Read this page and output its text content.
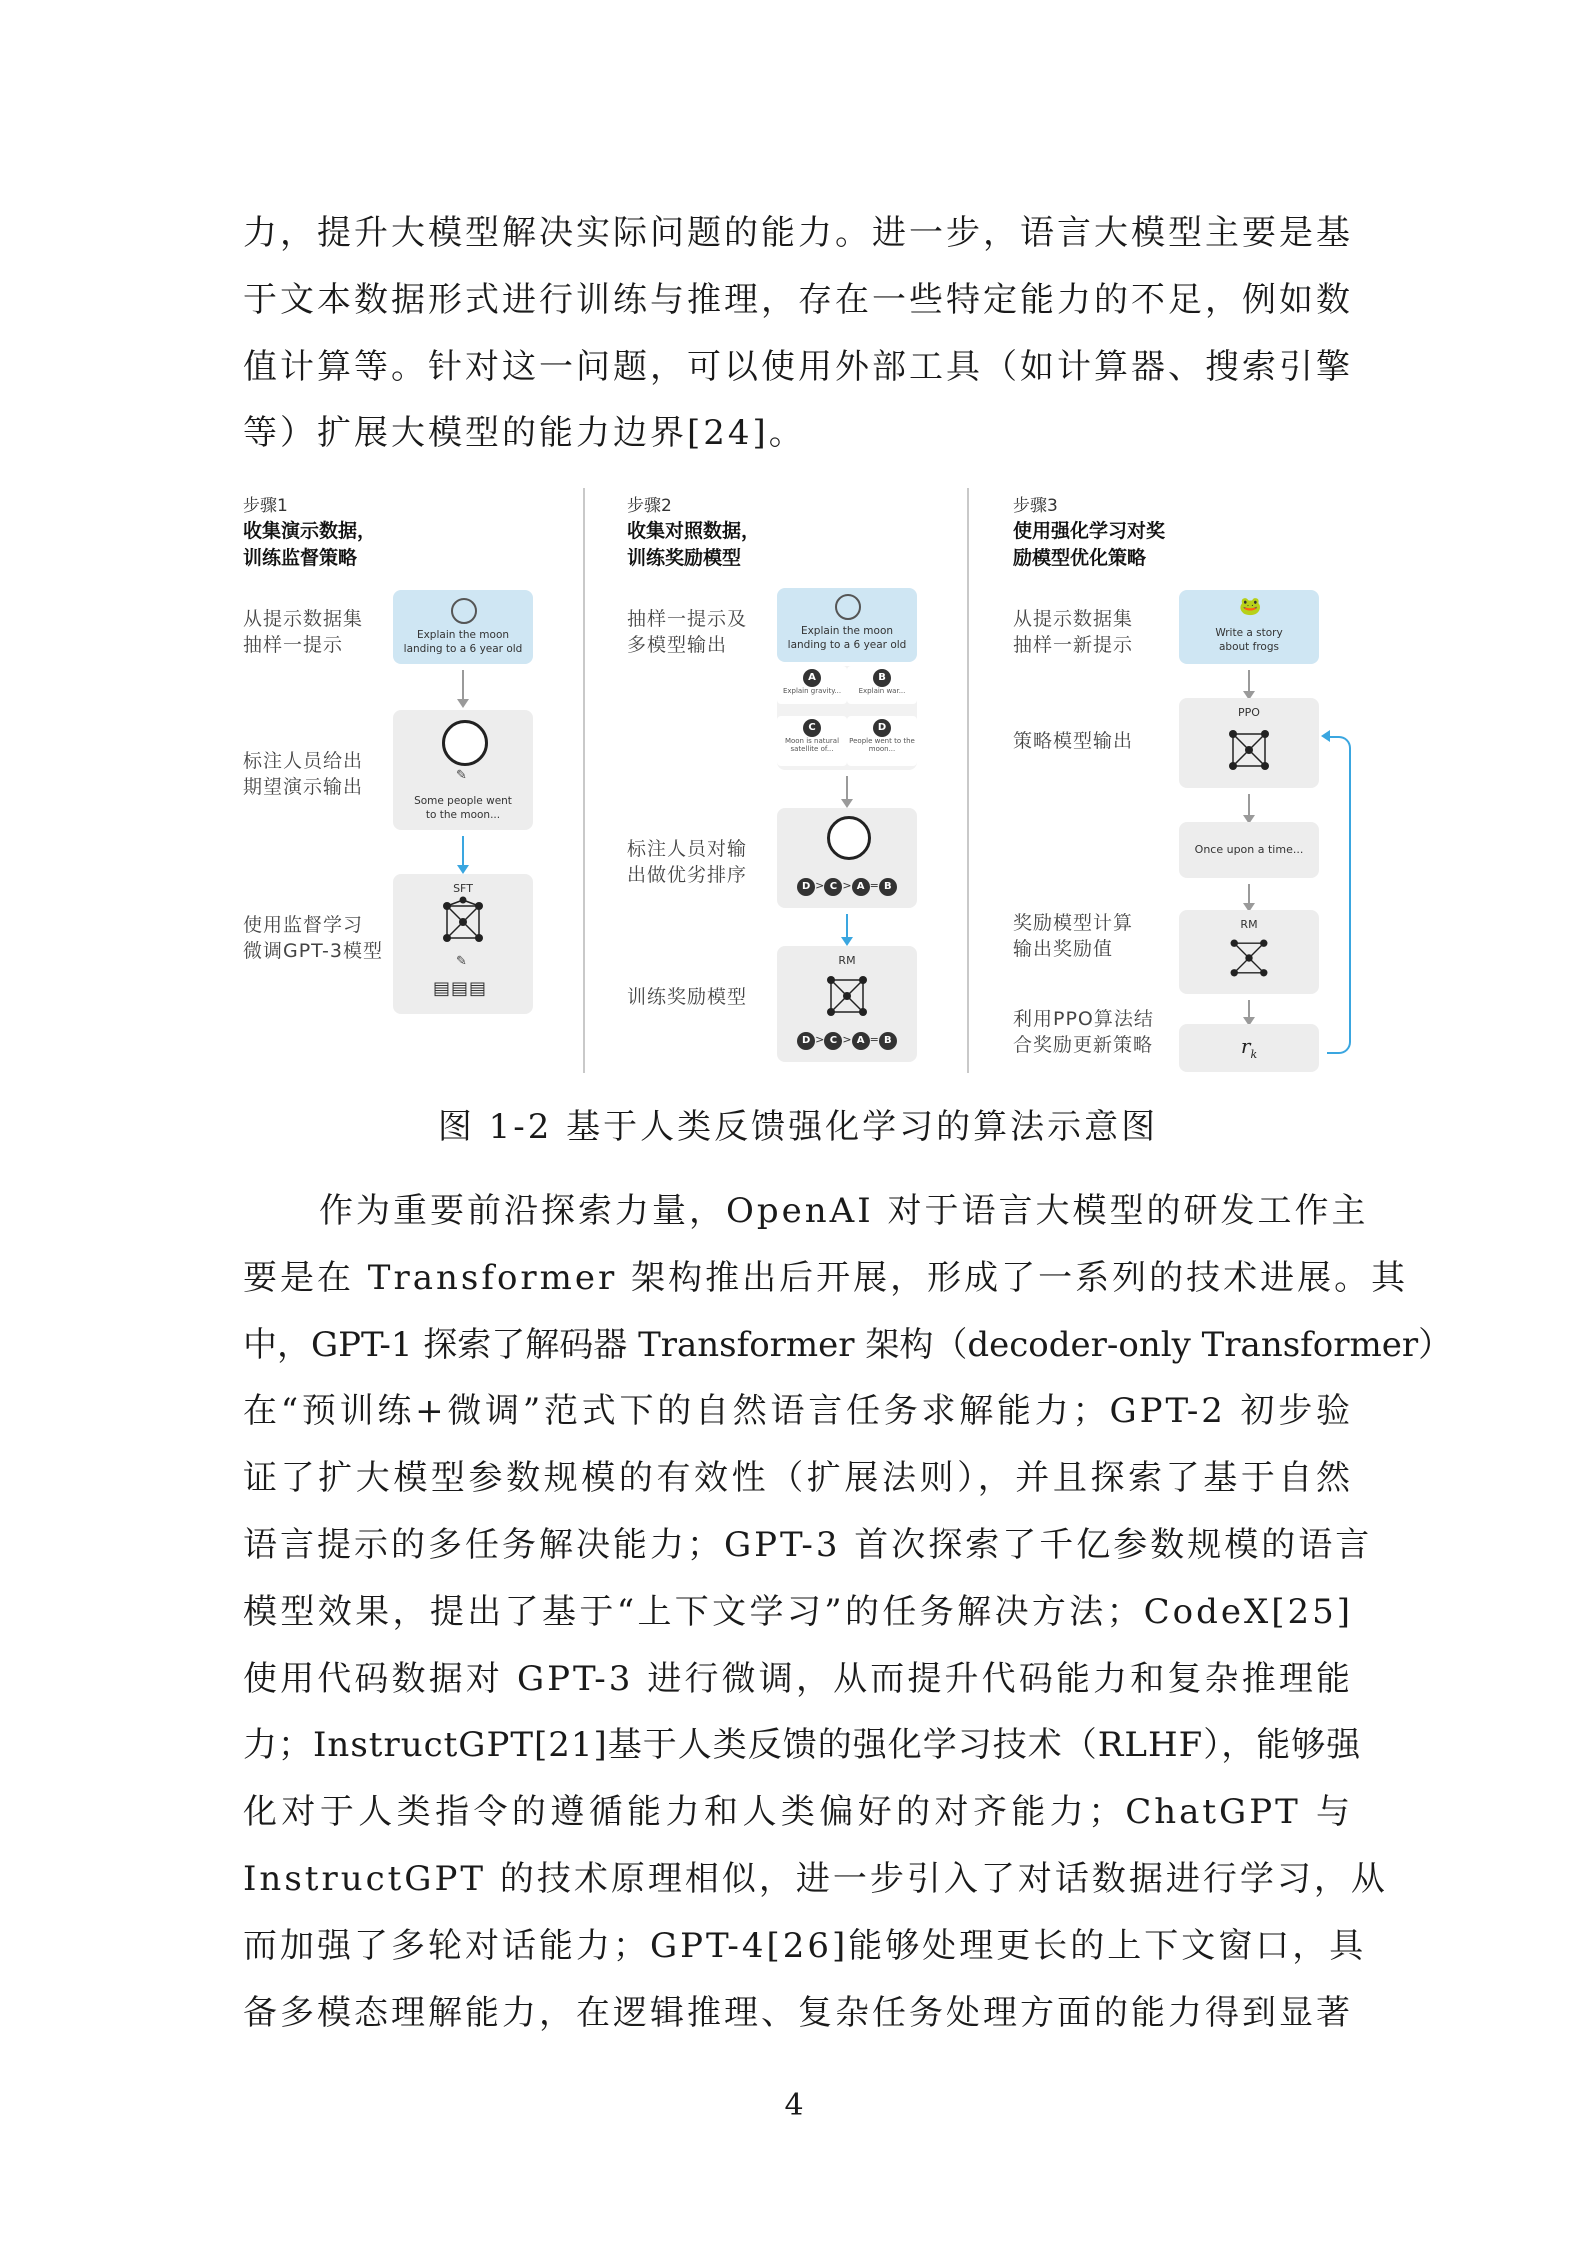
力，提升大模型解决实际问题的能力。进一步，语言大模型主要是基
于文本数据形式进行训练与推理，存在一些特定能力的不足，例如数
值计算等。针对这一问题，可以使用外部工具（如计算器、搜索引擎
等）扩展大模型的能力边界[24]。
步骤1
收集演示数据，
训练监督策略
从提示数据集
抽样一提示
标注人员给出
期望演示输出
使用监督学习
微调GPT-3模型
Explain the moon
landing to a 6 year old
✎
Some people went
to the moon...
SFT
✎
▤▤▤
步骤2
收集对照数据，
训练奖励模型
抽样一提示及
多模型输出
标注人员对输
出做优劣排序
训练奖励模型
Explain the moon
landing to a 6 year old
A
Explain gravity...
B
Explain war...
C
Moon is natural satellite of...
D
People went to the moon...
D > C > A = B
RM
D > C > A = B
步骤3
使用强化学习对奖
励模型优化策略
从提示数据集
抽样一新提示
策略模型输出
奖励模型计算
输出奖励值
利用PPO算法结
合奖励更新策略
🐸
Write a story
about frogs
PPO
Once upon a time...
RM
$r_k$
图 1-2 基于人类反馈强化学习的算法示意图
作为重要前沿探索力量，OpenAI 对于语言大模型的研发工作主
要是在 Transformer 架构推出后开展，形成了一系列的技术进展。其
中，GPT-1 探索了解码器 Transformer 架构（decoder-only Transformer）
在“预训练+微调”范式下的自然语言任务求解能力；GPT-2 初步验
证了扩大模型参数规模的有效性（扩展法则），并且探索了基于自然
语言提示的多任务解决能力；GPT-3 首次探索了千亿参数规模的语言
模型效果，提出了基于“上下文学习”的任务解决方法；CodeX[25]
使用代码数据对 GPT-3 进行微调，从而提升代码能力和复杂推理能
力；InstructGPT[21]基于人类反馈的强化学习技术（RLHF），能够强
化对于人类指令的遵循能力和人类偏好的对齐能力；ChatGPT 与
InstructGPT 的技术原理相似，进一步引入了对话数据进行学习，从
而加强了多轮对话能力；GPT-4[26]能够处理更长的上下文窗口，具
备多模态理解能力，在逻辑推理、复杂任务处理方面的能力得到显著
4
